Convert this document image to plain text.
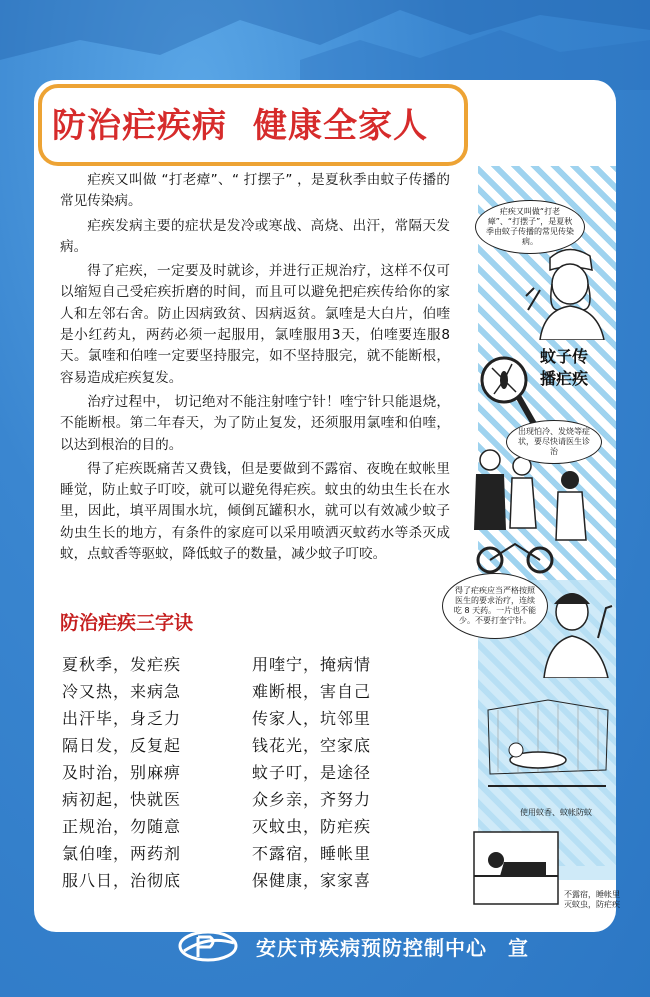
防治疟疾病 健康全家人 FANGZHI
NUEJI

疟疾又叫做 “打老瘴”、“ 打摆子” ，是夏秋季由蚊子传播的常见传染病。

疟疾发病主要的症状是发冷或寒战、高烧、出汗，常隔天发病。

得了疟疾，一定要及时就诊，并进行正规治疗，这样不仅可以缩短自己受疟疾折磨的时间，而且可以避免把疟疾传给你的家人和左邻右舍。防止因病致贫、因病返贫。氯喹是大白片，伯喹是小红药丸，两药必须一起服用，氯喹服用3天，伯喹要连服8天。氯喹和伯喹一定要坚持服完，如不坚持服完，就不能断根，容易造成疟疾复发。

治疗过程中， 切记绝对不能注射喹宁针！喹宁针只能退烧，不能断根。第二年春天，为了防止复发，还须服用氯喹和伯喹，以达到根治的目的。

得了疟疾既痛苦又费钱，但是要做到不露宿、夜晚在蚊帐里睡觉，防止蚊子叮咬，就可以避免得疟疾。蚊虫的幼虫生长在水里，因此，填平周围水坑，倾倒瓦罐积水，就可以有效减少蚊子幼虫生长的地方，有条件的家庭可以采用喷洒灭蚊药水等杀灭成蚊，点蚊香等驱蚊，降低蚊子的数量，减少蚊子叮咬。

防治疟疾三字诀
夏秋季，发疟疾	用喹宁，掩病情
冷又热，来病急	难断根，害自己
出汗毕，身乏力	传家人，坑邻里
隔日发，反复起	钱花光，空家底
及时治，别麻痹	蚊子叮，是途径
病初起，快就医	众乡亲，齐努力
正规治，勿随意	灭蚊虫，防疟疾
氯伯喹，两药剂	不露宿，睡帐里
服八日，治彻底	保健康，家家喜
蚊子传播疟疾
疟疾又叫做“打老瘴”、“打摆子”，是夏秋季由蚊子传播的常见传染病。
出现怕冷、发烧等症状，要尽快请医生诊治
得了疟疾应当严格按照医生的要求治疗，连续吃 8 天药。一片也不能少。不要打奎宁针。
使用蚊香、蚊帐防蚊
不露宿，睡帐里灭蚊虫，防疟疾
安庆市疾病预防控制中心　宣
